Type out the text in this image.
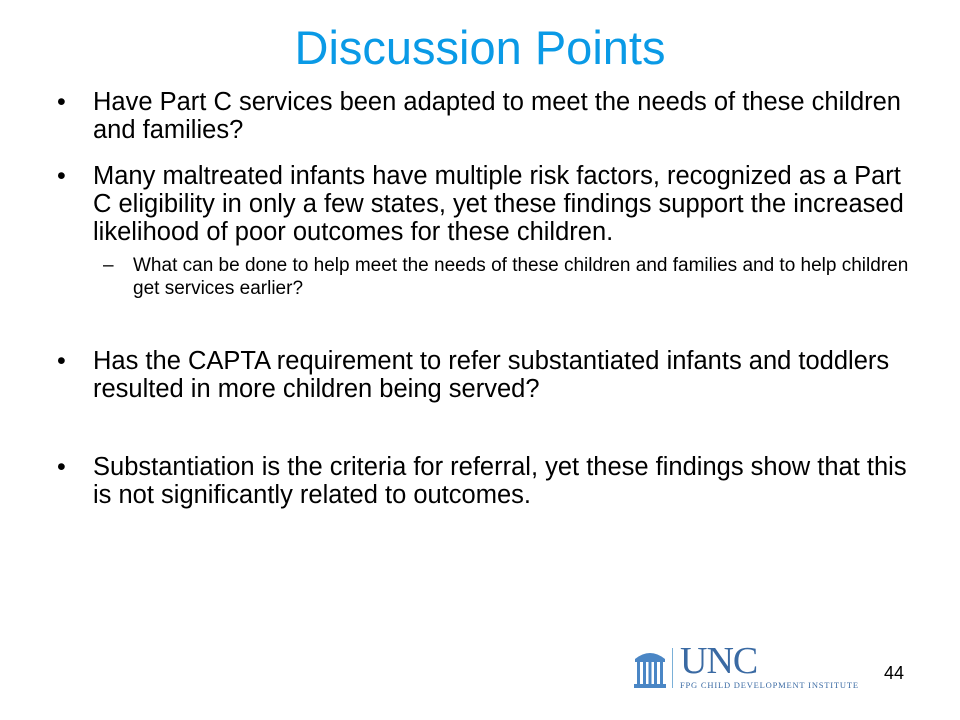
Discussion Points
• Have Part C services been adapted to meet the needs of these children and families?
• Many maltreated infants have multiple risk factors, recognized as a Part C eligibility in only a few states, yet these findings support the increased likelihood of poor outcomes for these children.
– What can be done to help meet the needs of these children and families and to help children get services earlier?
• Has the CAPTA requirement to refer substantiated infants and toddlers resulted in more children being served?
• Substantiation is the criteria for referral, yet these findings show that this is not significantly related to outcomes.
UNC
FPG CHILD DEVELOPMENT INSTITUTE
44
